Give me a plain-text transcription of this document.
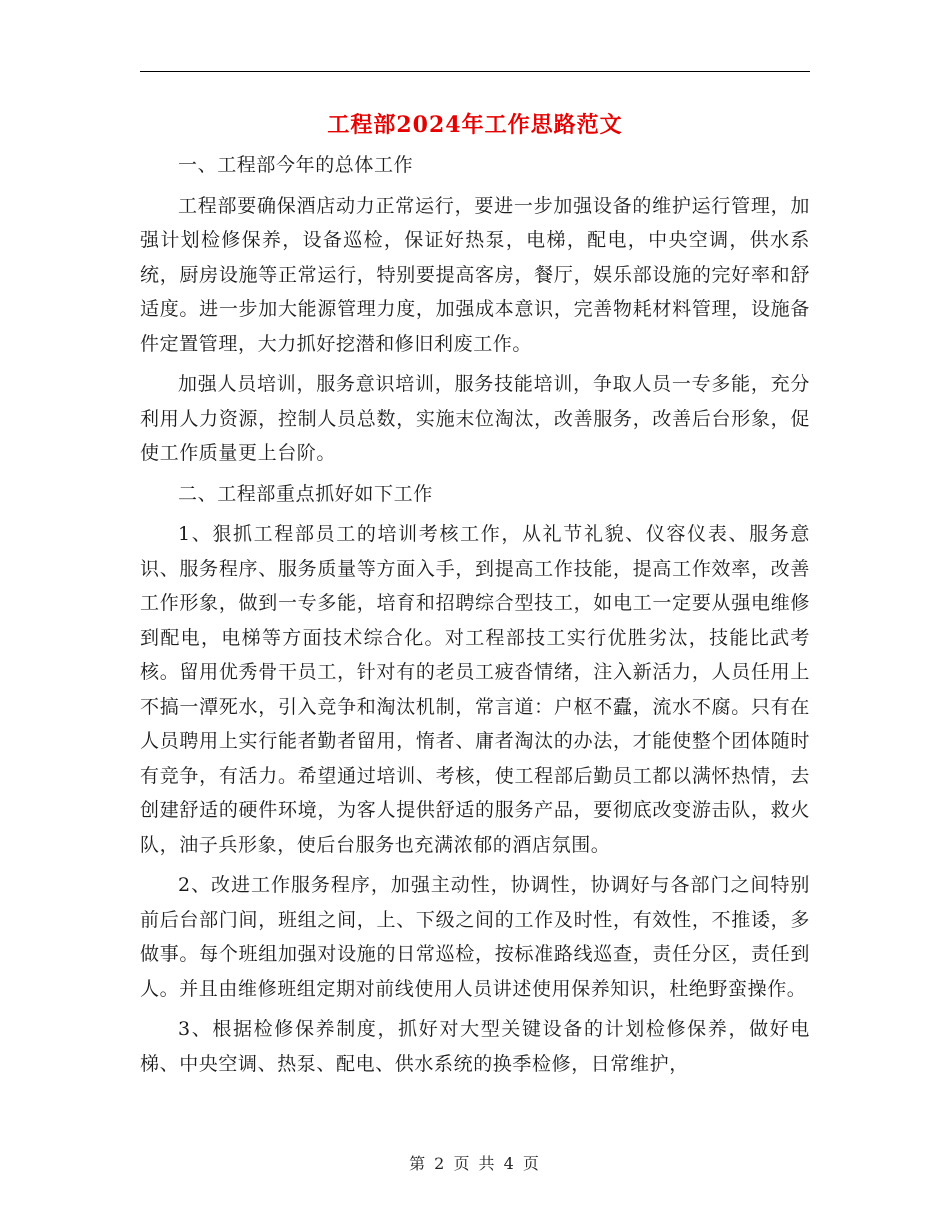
工程部2024年工作思路范文

一、工程部今年的总体工作

工程部要确保酒店动力正常运行，要进一步加强设备的维护运行管理，加强计划检修保养，设备巡检，保证好热泵，电梯，配电，中央空调，供水系统，厨房设施等正常运行，特别要提高客房，餐厅，娱乐部设施的完好率和舒适度。进一步加大能源管理力度，加强成本意识，完善物耗材料管理，设施备件定置管理，大力抓好挖潜和修旧利废工作。

加强人员培训，服务意识培训，服务技能培训，争取人员一专多能，充分利用人力资源，控制人员总数，实施末位淘汰，改善服务，改善后台形象，促使工作质量更上台阶。

二、工程部重点抓好如下工作

1、狠抓工程部员工的培训考核工作，从礼节礼貌、仪容仪表、服务意识、服务程序、服务质量等方面入手，到提高工作技能，提高工作效率，改善工作形象，做到一专多能，培育和招聘综合型技工，如电工一定要从强电维修到配电，电梯等方面技术综合化。对工程部技工实行优胜劣汰，技能比武考核。留用优秀骨干员工，针对有的老员工疲沓情绪，注入新活力，人员任用上不搞一潭死水，引入竞争和淘汰机制，常言道：户枢不蠹，流水不腐。只有在人员聘用上实行能者勤者留用，惰者、庸者淘汰的办法，才能使整个团体随时有竞争，有活力。希望通过培训、考核，使工程部后勤员工都以满怀热情，去创建舒适的硬件环境，为客人提供舒适的服务产品，要彻底改变游击队，救火队，油子兵形象，使后台服务也充满浓郁的酒店氛围。

2、改进工作服务程序，加强主动性，协调性，协调好与各部门之间特别前后台部门间，班组之间，上、下级之间的工作及时性，有效性，不推诿，多做事。每个班组加强对设施的日常巡检，按标准路线巡查，责任分区，责任到人。并且由维修班组定期对前线使用人员讲述使用保养知识，杜绝野蛮操作。

3、根据检修保养制度，抓好对大型关键设备的计划检修保养，做好电梯、中央空调、热泵、配电、供水系统的换季检修，日常维护，

第 2 页 共 4 页
